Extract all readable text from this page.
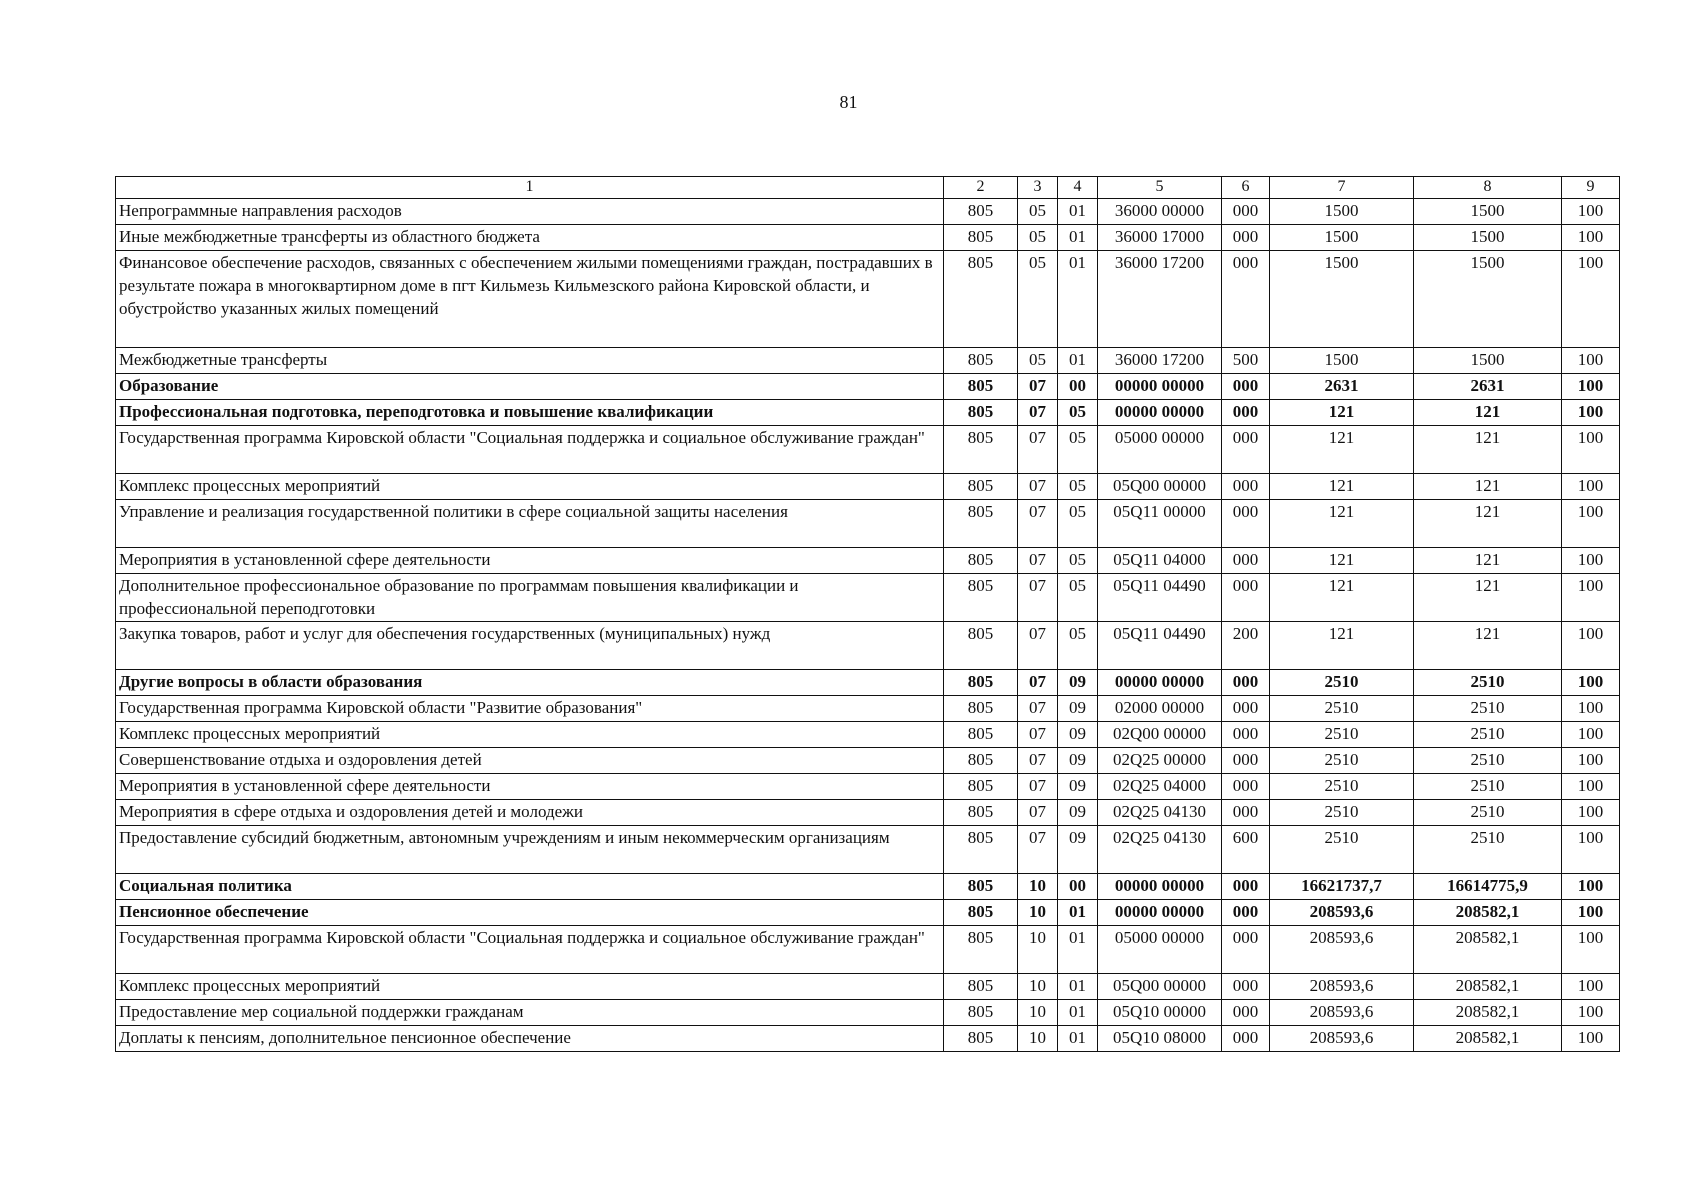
81
1	2	3	4	5	6	7	8	9
Непрограммные направления расходов	805	05	01	36000 00000	000	1500	1500	100
Иные межбюджетные трансферты из областного бюджета	805	05	01	36000 17000	000	1500	1500	100
Финансовое обеспечение расходов, связанных с обеспечением жилыми помещениями граждан, пострадавших в результате пожара в многоквартирном доме в пгт Кильмезь Кильмезского района Кировской области, и обустройство указанных жилых помещений	805	05	01	36000 17200	000	1500	1500	100
Межбюджетные трансферты	805	05	01	36000 17200	500	1500	1500	100
Образование	805	07	00	00000 00000	000	2631	2631	100
Профессиональная подготовка, переподготовка и повышение квалификации	805	07	05	00000 00000	000	121	121	100
Государственная программа Кировской области "Социальная поддержка и социальное обслуживание граждан"	805	07	05	05000 00000	000	121	121	100
Комплекс процессных мероприятий	805	07	05	05Q00 00000	000	121	121	100
Управление и реализация государственной политики в сфере социальной защиты населения	805	07	05	05Q11 00000	000	121	121	100
Мероприятия в установленной сфере деятельности	805	07	05	05Q11 04000	000	121	121	100
Дополнительное профессиональное образование по программам повышения квалификации и профессиональной переподготовки	805	07	05	05Q11 04490	000	121	121	100
Закупка товаров, работ и услуг для обеспечения государственных (муниципальных) нужд	805	07	05	05Q11 04490	200	121	121	100
Другие вопросы в области образования	805	07	09	00000 00000	000	2510	2510	100
Государственная программа Кировской области "Развитие образования"	805	07	09	02000 00000	000	2510	2510	100
Комплекс процессных мероприятий	805	07	09	02Q00 00000	000	2510	2510	100
Совершенствование отдыха и оздоровления детей	805	07	09	02Q25 00000	000	2510	2510	100
Мероприятия в установленной сфере деятельности	805	07	09	02Q25 04000	000	2510	2510	100
Мероприятия в сфере отдыха и оздоровления детей и молодежи	805	07	09	02Q25 04130	000	2510	2510	100
Предоставление субсидий бюджетным, автономным учреждениям и иным некоммерческим организациям	805	07	09	02Q25 04130	600	2510	2510	100
Социальная политика	805	10	00	00000 00000	000	16621737,7	16614775,9	100
Пенсионное обеспечение	805	10	01	00000 00000	000	208593,6	208582,1	100
Государственная программа Кировской области "Социальная поддержка и социальное обслуживание граждан"	805	10	01	05000 00000	000	208593,6	208582,1	100
Комплекс процессных мероприятий	805	10	01	05Q00 00000	000	208593,6	208582,1	100
Предоставление мер социальной поддержки гражданам	805	10	01	05Q10 00000	000	208593,6	208582,1	100
Доплаты к пенсиям, дополнительное пенсионное обеспечение	805	10	01	05Q10 08000	000	208593,6	208582,1	100
